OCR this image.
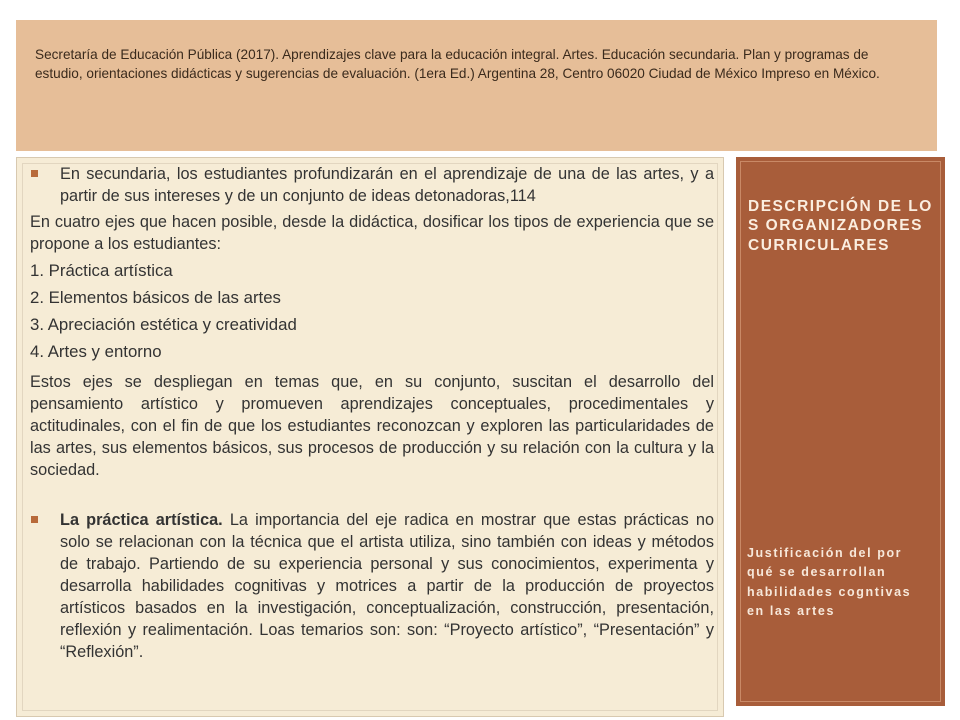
Secretaría de Educación Pública (2017). Aprendizajes clave para la educación integral. Artes. Educación secundaria. Plan y programas de estudio, orientaciones didácticas y sugerencias de evaluación. (1era Ed.) Argentina 28, Centro 06020 Ciudad de México Impreso en México.
En secundaria, los estudiantes profundizarán en el aprendizaje de una de las artes, y a partir de sus intereses y de un conjunto de ideas detonadoras,114
En cuatro ejes que hacen posible, desde la didáctica, dosificar los tipos de experiencia que se propone a los estudiantes:
1. Práctica artística
2. Elementos básicos de las artes
3. Apreciación estética y creatividad
4. Artes y entorno
Estos ejes se despliegan en temas que, en su conjunto, suscitan el desarrollo del pensamiento artístico y promueven aprendizajes conceptuales, procedimentales y actitudinales, con el fin de que los estudiantes reconozcan y exploren las particularidades de las artes, sus elementos básicos, sus procesos de producción y su relación con la cultura y la sociedad.
La práctica artística. La importancia del eje radica en mostrar que estas prácticas no solo se relacionan con la técnica que el artista utiliza, sino también con ideas y métodos de trabajo. Partiendo de su experiencia personal y sus conocimientos, experimenta y desarrolla habilidades cognitivas y motrices a partir de la producción de proyectos artísticos basados en la investigación, conceptualización, construcción, presentación, reflexión y realimentación. Loas temarios son: son: “Proyecto artístico”, “Presentación” y “Reflexión”.
DESCRIPCIÓN DE LOS ORGANIZADORES CURRICULARES
Justificación del por qué se desarrollan habilidades cogntivas en las artes
